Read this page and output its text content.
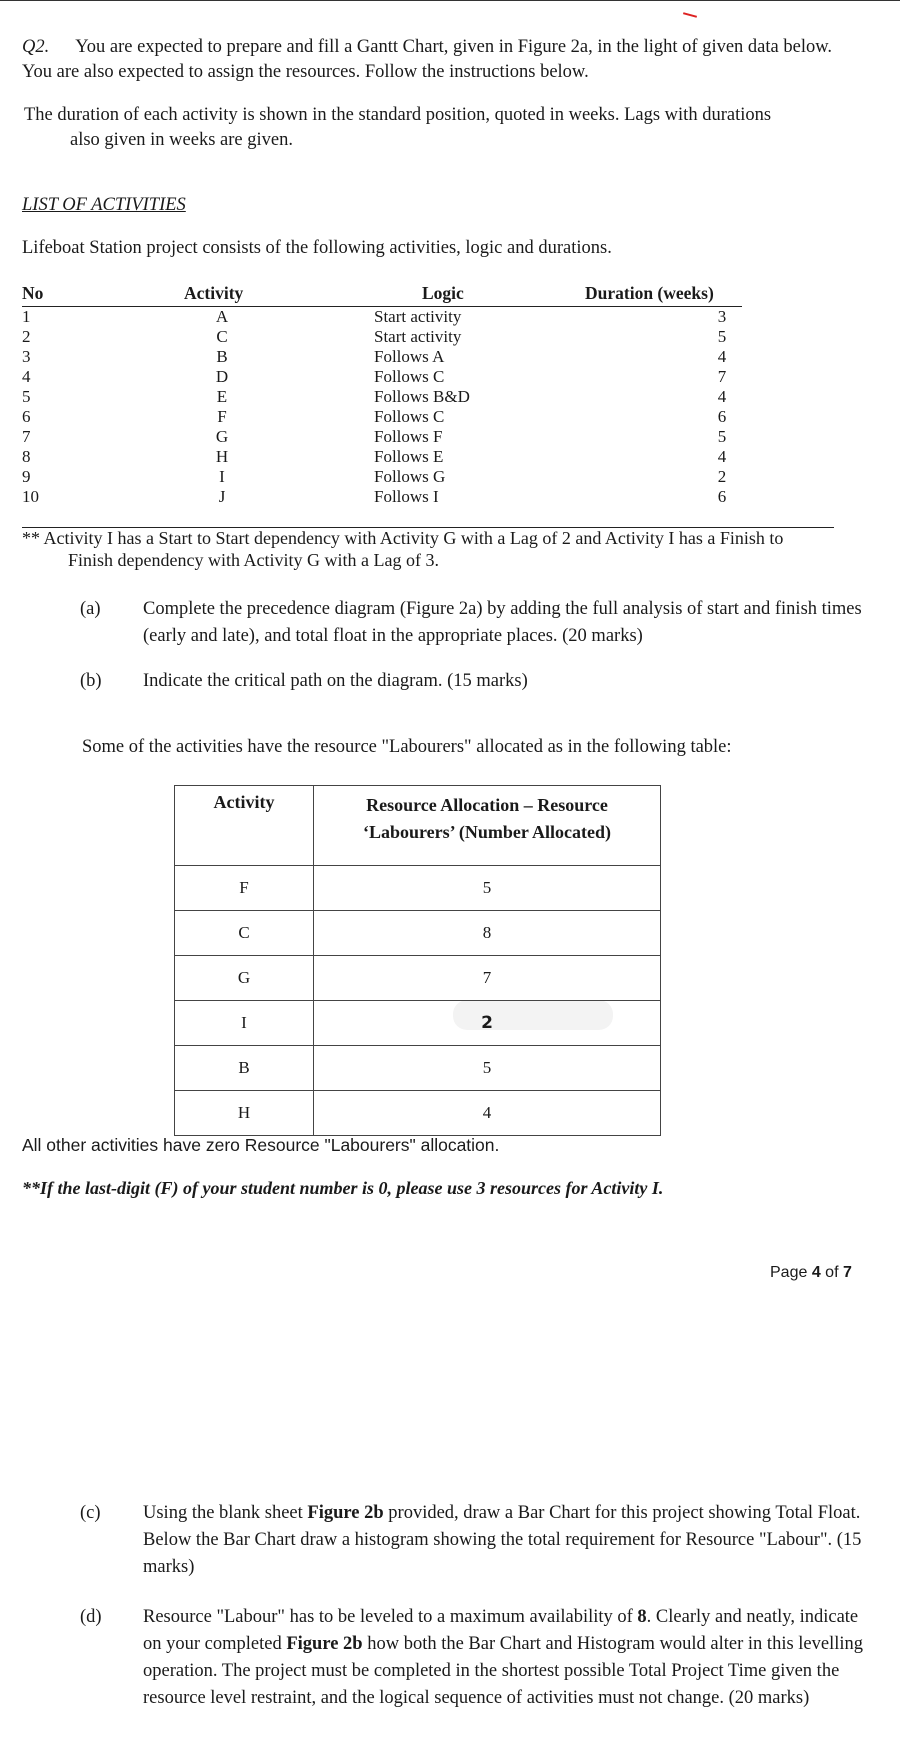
Q2. You are expected to prepare and fill a Gantt Chart, given in Figure 2a, in the light of given data below.
You are also expected to assign the resources. Follow the instructions below.
The duration of each activity is shown in the standard position, quoted in weeks. Lags with durations
also given in weeks are given.
LIST OF ACTIVITIES
Lifeboat Station project consists of the following activities, logic and durations.
No	Activity	Logic	Duration (weeks)
1	A	Start activity	3
2	C	Start activity	5
3	B	Follows A	4
4	D	Follows C	7
5	E	Follows B&D	4
6	F	Follows C	6
7	G	Follows F	5
8	H	Follows E	4
9	I	Follows G	2
10	J	Follows I	6
** Activity I has a Start to Start dependency with Activity G with a Lag of 2 and Activity I has a Finish to
Finish dependency with Activity G with a Lag of 3.
(a) Complete the precedence diagram (Figure 2a) by adding the full analysis of start and finish times (early and late), and total float in the appropriate places. (20 marks)
(b) Indicate the critical path on the diagram. (15 marks)
Some of the activities have the resource "Labourers" allocated as in the following table:
Activity	Resource Allocation – Resource
‘Labourers’ (Number Allocated)
F	5
C	8
G	7
I	2
B	5
H	4
All other activities have zero Resource "Labourers" allocation.
**If the last-digit (F) of your student number is 0, please use 3 resources for Activity I.
Page 4 of 7
(c) Using the blank sheet Figure 2b provided, draw a Bar Chart for this project showing Total Float. Below the Bar Chart draw a histogram showing the total requirement for Resource "Labour". (15 marks)
(d) Resource "Labour" has to be leveled to a maximum availability of 8. Clearly and neatly, indicate on your completed Figure 2b how both the Bar Chart and Histogram would alter in this levelling operation. The project must be completed in the shortest possible Total Project Time given the resource level restraint, and the logical sequence of activities must not change. (20 marks)
